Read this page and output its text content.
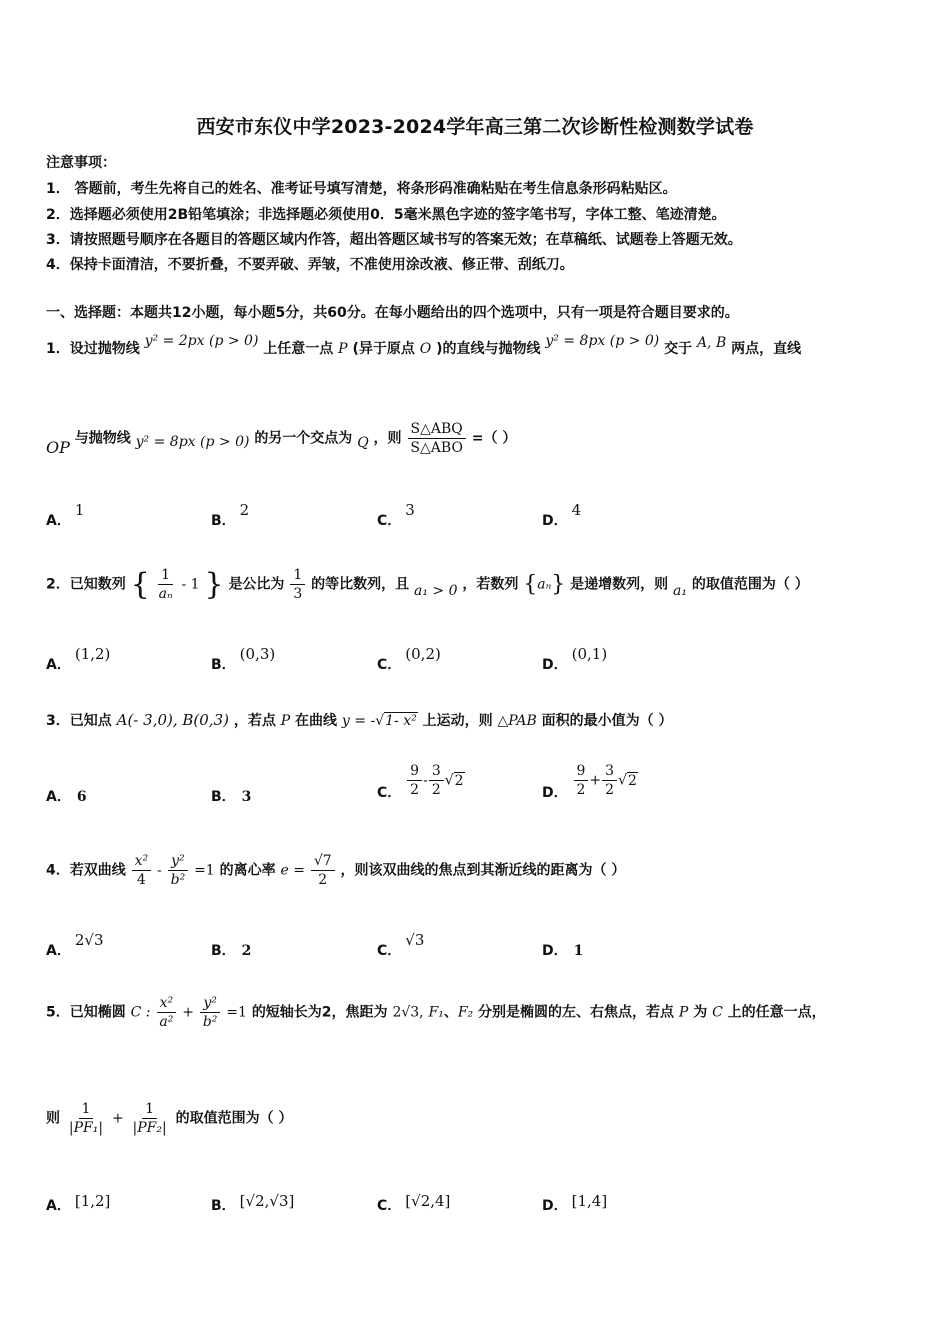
西安市东仪中学2023-2024学年高三第二次诊断性检测数学试卷
注意事项：
1． 答题前，考生先将自己的姓名、准考证号填写清楚，将条形码准确粘贴在考生信息条形码粘贴区。
2．选择题必须使用2B铅笔填涂；非选择题必须使用0．5毫米黑色字迹的签字笔书写，字体工整、笔迹清楚。
3．请按照题号顺序在各题目的答题区域内作答，超出答题区域书写的答案无效；在草稿纸、试题卷上答题无效。
4．保持卡面清洁，不要折叠，不要弄破、弄皱，不准使用涂改液、修正带、刮纸刀。
一、选择题：本题共12小题，每小题5分，共60分。在每小题给出的四个选项中，只有一项是符合题目要求的。
1．设过抛物线 y² = 2px (p > 0) 上任意一点 P (异于原点 O )的直线与抛物线 y² = 8px (p > 0) 交于 A, B 两点，直线
OP 与抛物线 y² = 8px (p > 0) 的另一个交点为 Q ，则 $\frac{\text{S△ABQ}}{\text{S△ABO}}$ =（ ）
A．1
B．2
C．3
D．4
2．已知数列 { $\frac{1}{\text{aₙ}} - 1$ } 是公比为 $\frac{1}{3}$ 的等比数列，且 a₁ > 0 ，若数列 {aₙ} 是递增数列，则 a₁ 的取值范围为（ ）
A．(1,2)
B．(0,3)
C．(0,2)
D．(0,1)
3．已知点 A(- 3,0), B(0,3) ，若点 P 在曲线 y = -√1- x² 上运动，则 △PAB 面积的最小值为（ ）
A． 6	B． 3	C． $\frac{9}{2} - \frac{3}{2} √2$
D． $\frac{9}{2} + \frac{3}{2} √2$
4．若双曲线 $\frac{\text{x²}}{4} - \frac{\text{y²}}{\text{b²}} =1$ 的离心率 $e = \frac{√7}{2}$ ，则该双曲线的焦点到其渐近线的距离为（ ）
A．2√3
B． 2	C．√3
D． 1
5．已知椭圆 C : $\frac{\text{x²}}{\text{a²}} + \frac{\text{y²}}{\text{b²}} =1$ 的短轴长为2，焦距为 2√3, F₁、F₂ 分别是椭圆的左、右焦点，若点 P 为 C 上的任意一点，
则 $\frac{1}{\text{|PF₁|}} + \frac{1}{\text{|PF₂|}}$ 的取值范围为（ ）
A． [1,2]	B． [√2,√3]	C． [√2,4]	D． [1,4]
